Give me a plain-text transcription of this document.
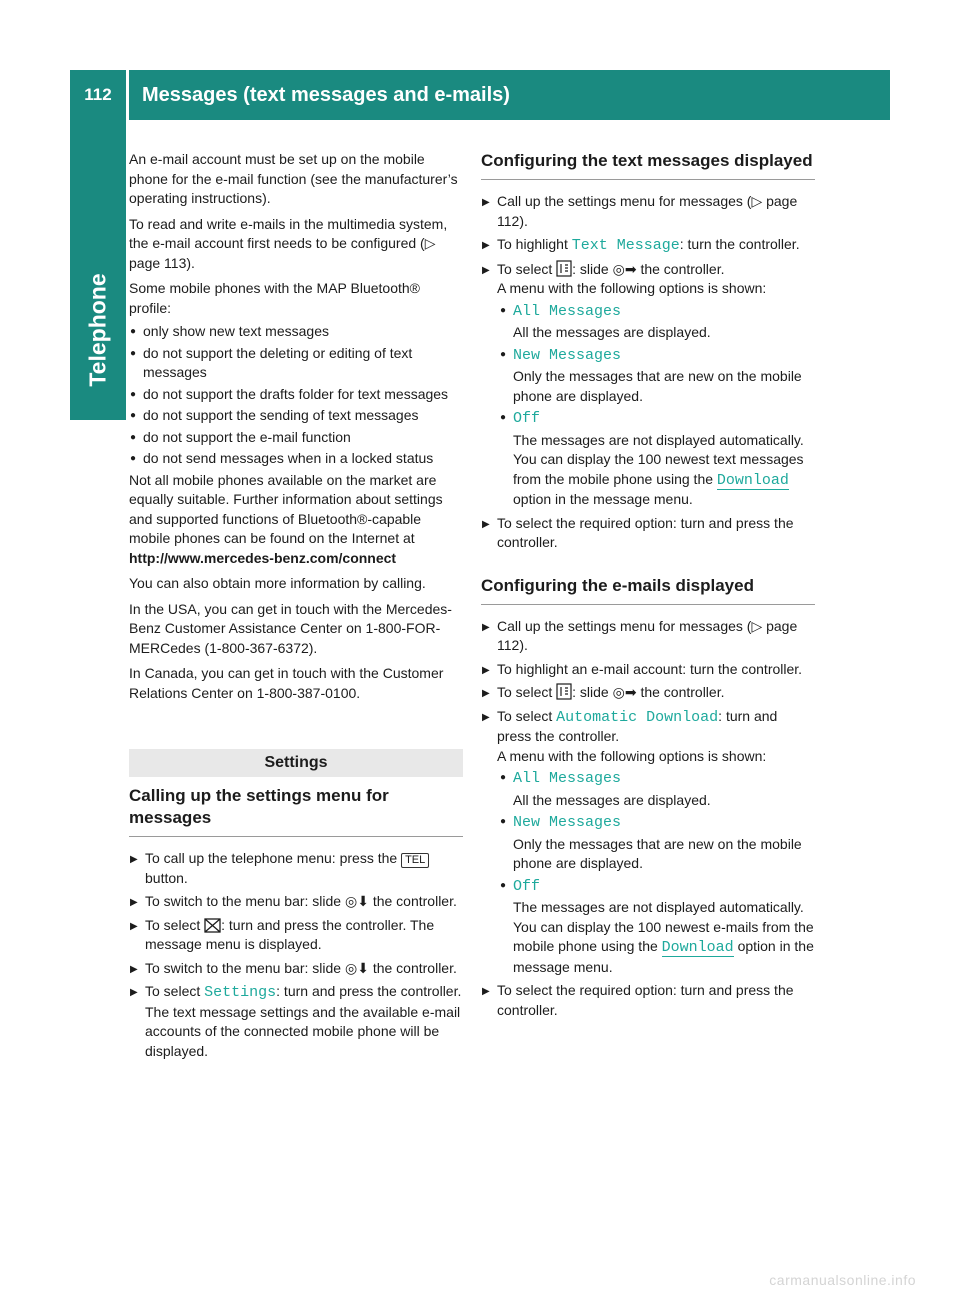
112	Messages (text messages and e-mails)
Telephone

An e-mail account must be set up on the mobile phone for the e-mail function (see the manufacturer’s operating instructions).

To read and write e-mails in the multimedia system, the e-mail account first needs to be configured (▷ page 113).

Some mobile phones with the MAP Bluetooth® profile:

● only show new text messages
● do not support the deleting or editing of text messages
● do not support the drafts folder for text messages
● do not support the sending of text messages
● do not support the e-mail function
● do not send messages when in a locked status

Not all mobile phones available on the market are equally suitable. Further information about settings and supported functions of Bluetooth®-capable mobile phones can be found on the Internet at

http://www.mercedes-benz.com/connect

You can also obtain more information by calling.

In the USA, you can get in touch with the Mercedes-Benz Customer Assistance Center on 1-800-FOR-MERCedes (1-800-367-6372).

In Canada, you can get in touch with the Customer Relations Center on 1-800-387-0100.

Settings
Calling up the settings menu for messages
▶ To call up the telephone menu: press the TELbutton.
▶ To switch to the menu bar: slide ◎⬇ the controller.
▶ To select : turn and press the controller. The message menu is displayed.
▶ To switch to the menu bar: slide ◎⬇ the controller.
▶ To select Settings: turn and press the controller. The text message settings and the available e-mail accounts of the connected mobile phone will be displayed.
Configuring the text messages displayed
▶ Call up the settings menu for messages (▷ page 112).
▶ To highlight Text Message: turn the controller.
▶ To select : slide ◎➡ the controller.
A menu with the following options is shown:
● All Messages
All the messages are displayed.
● New Messages
Only the messages that are new on the mobile phone are displayed.
● Off
The messages are not displayed automatically. You can display the 100 newest text messages from the mobile phone using the Download option in the message menu.
▶ To select the required option: turn and press the controller.
Configuring the e-mails displayed
▶ Call up the settings menu for messages (▷ page 112).
▶ To highlight an e-mail account: turn the controller.
▶ To select : slide ◎➡ the controller.
▶ To select Automatic Download: turn and press the controller.
A menu with the following options is shown:
● All Messages
All the messages are displayed.
● New Messages
Only the messages that are new on the mobile phone are displayed.
● Off
The messages are not displayed automatically. You can display the 100 newest e-mails from the mobile phone using the Download option in the message menu.
▶ To select the required option: turn and press the controller.
carmanualsonline.info
